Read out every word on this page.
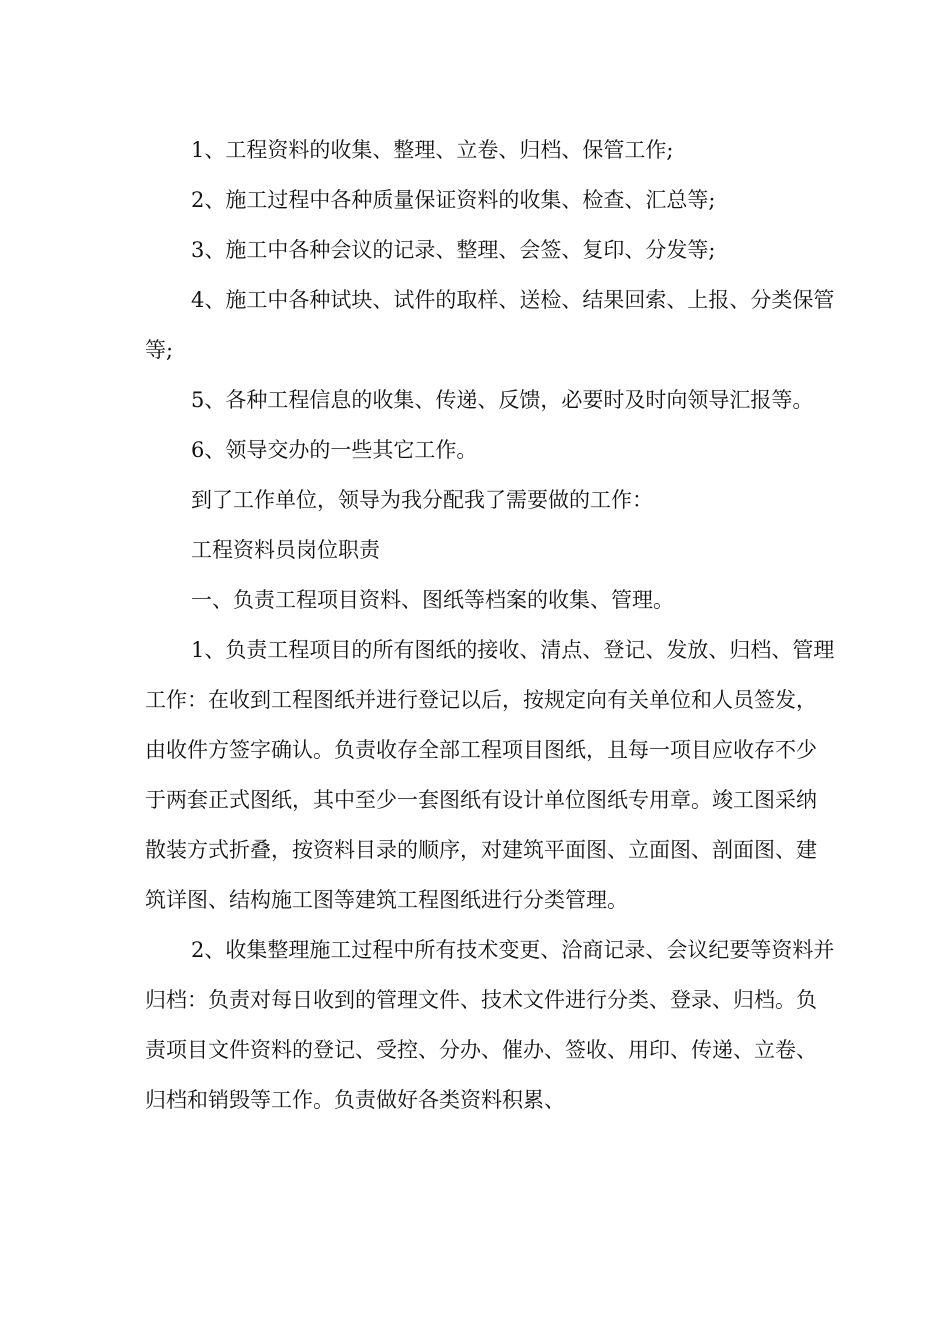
1、工程资料的收集、整理、立卷、归档、保管工作;

2、施工过程中各种质量保证资料的收集、检查、汇总等;

3、施工中各种会议的记录、整理、会签、复印、分发等;

4、施工中各种试块、试件的取样、送检、结果回索、上报、分类保管等;

5、各种工程信息的收集、传递、反馈，必要时及时向领导汇报等。

6、领导交办的一些其它工作。

到了工作单位，领导为我分配我了需要做的工作：

工程资料员岗位职责

一、负责工程项目资料、图纸等档案的收集、管理。

1、负责工程项目的所有图纸的接收、清点、登记、发放、归档、管理工作：在收到工程图纸并进行登记以后，按规定向有关单位和人员签发，由收件方签字确认。负责收存全部工程项目图纸，且每一项目应收存不少于两套正式图纸，其中至少一套图纸有设计单位图纸专用章。竣工图采纳散装方式折叠，按资料目录的顺序，对建筑平面图、立面图、剖面图、建筑详图、结构施工图等建筑工程图纸进行分类管理。

2、收集整理施工过程中所有技术变更、洽商记录、会议纪要等资料并归档：负责对每日收到的管理文件、技术文件进行分类、登录、归档。负责项目文件资料的登记、受控、分办、催办、签收、用印、传递、立卷、归档和销毁等工作。负责做好各类资料积累、
